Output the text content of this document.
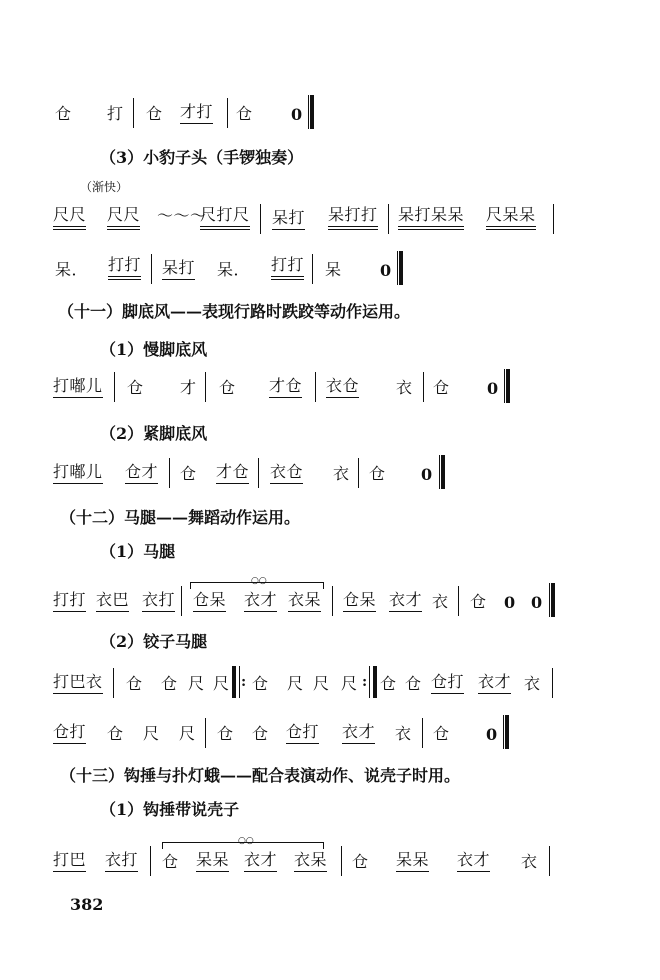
仓 打 仓 才打 仓 0
（3）小豹子头（手锣独奏）
（渐快）
尺尺 尺尺 ～～～
尺打尺 呆打 呆打打 呆打呆呆 尺呆呆
呆． 打打 呆打 呆． 打打 呆 0
（十一）脚底风——表现行路时跌跤等动作运用。
（1）慢脚底风
打嘟儿 仓 才 仓 才仓 衣仓 衣 仓 0
（2）紧脚底风
打嘟儿 仓才 仓 才仓 衣仓 衣 仓 0
（十二）马腿——舞蹈动作运用。
（1）马腿
○○
打打 衣巴 衣打 仓呆 衣才 衣呆 仓呆 衣才 衣 仓 0 0
（2）铰子马腿
打巴衣 仓 仓 尺 尺 : 仓 尺 尺 尺 : 仓 仓 仓打 衣才 衣
仓打 仓 尺 尺 仓 仓 仓打 衣才 衣 仓 0
（十三）钩捶与扑灯蛾——配合表演动作、说壳子时用。
（1）钩捶带说壳子
○○
打巴 衣打 仓 呆呆 衣才 衣呆 仓 呆呆 衣才 衣
382
